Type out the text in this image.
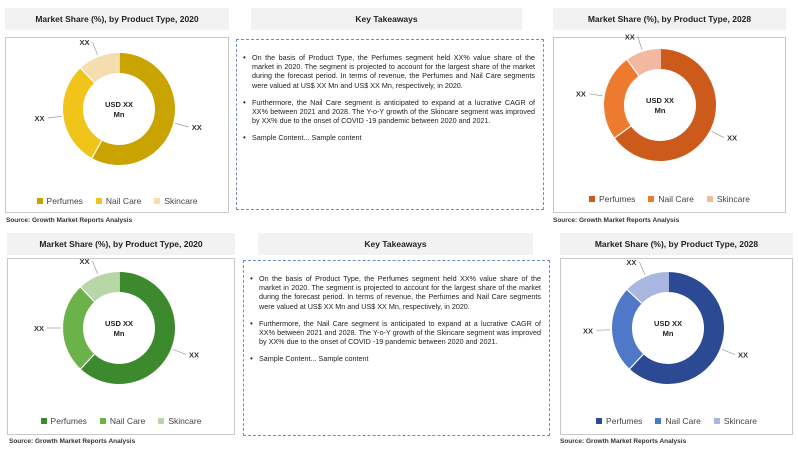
Market Share (%), by Product Type, 2020
XX
XX
XX
USD XX
Mn
Perfumes	Nail Care	Skincare
Source: Growth Market Reports Analysis
Key Takeaways
• On the basis of Product Type, the Perfumes segment held XX% value share of the market in 2020. The segment is projected to account for the largest share of the market during the forecast period. In terms of revenue, the Perfumes and Nail Care segments were valued at US$ XX Mn and US$ XX Mn, respectively, in 2020.
• Furthermore, the Nail Care segment is anticipated to expand at a lucrative CAGR of XX% between 2021 and 2028. The Y-o-Y growth of the Skincare segment was improved by XX% due to the onset of COVID -19 pandemic between 2020 and 2021.
• Sample Content... Sample content
Market Share (%), by Product Type, 2028
XX
XX
XX
USD XX
Mn
Perfumes	Nail Care	Skincare
Source: Growth Market Reports Analysis
Market Share (%), by Product Type, 2020
XX
XX
XX
USD XX
Mn
Perfumes	Nail Care	Skincare
Source: Growth Market Reports Analysis
Key Takeaways
• On the basis of Product Type, the Perfumes segment held XX% value share of the market in 2020. The segment is projected to account for the largest share of the market during the forecast period. In terms of revenue, the Perfumes and Nail Care segments were valued at US$ XX Mn and US$ XX Mn, respectively, in 2020.
• Furthermore, the Nail Care segment is anticipated to expand at a lucrative CAGR of XX% between 2021 and 2028. The Y-o-Y growth of the Skincare segment was improved by XX% due to the onset of COVID -19 pandemic between 2020 and 2021.
• Sample Content... Sample content
Market Share (%), by Product Type, 2028
XX
XX
XX
USD XX
Mn
Perfumes	Nail Care	Skincare
Source: Growth Market Reports Analysis
